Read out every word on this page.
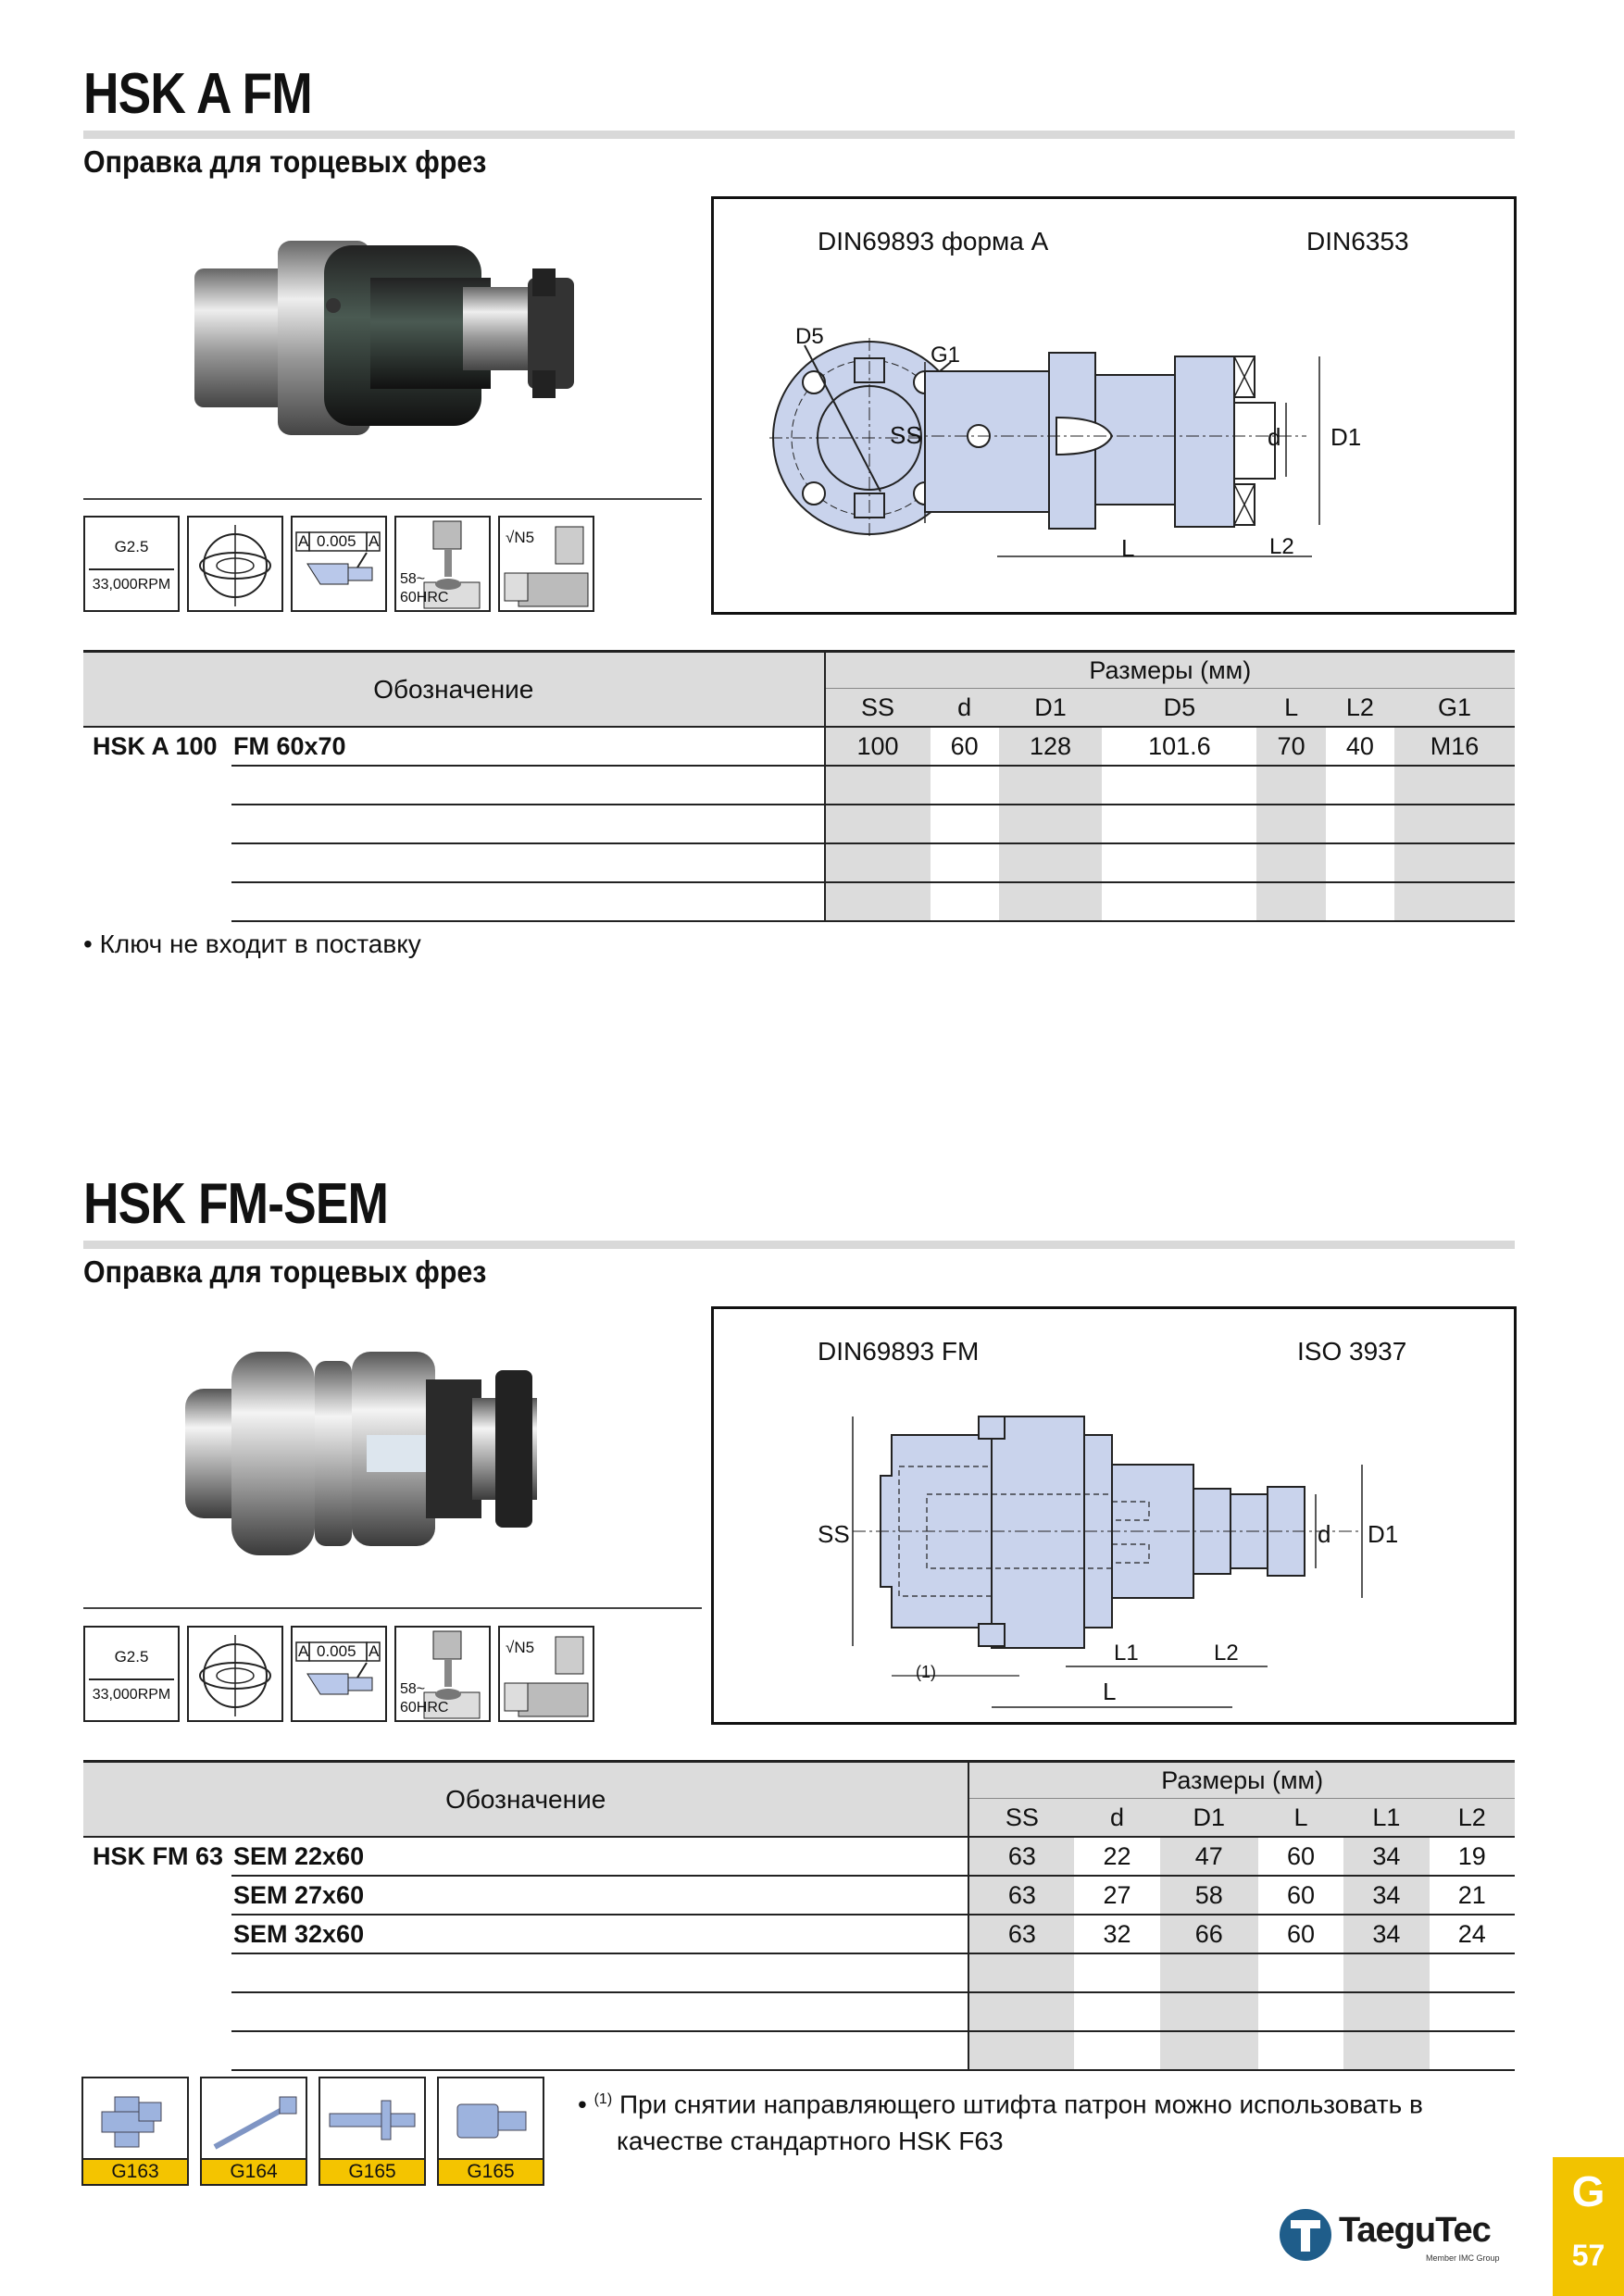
HSK A FM
Оправка для торцевых фрез
G2.5
33,000RPM
A 0.005 A
58~
60HRC
√N5
DIN69893 форма A	DIN6353
D5
G1
SS	d D1
L	L2
Обозначение		Размеры (мм)						
		SS	d	D1	D5	L	L2	G1
HSK A 100	FM 60x70	100	60	128	101.6	70	40	M16

• Ключ не входит в поставку
HSK FM-SEM
Оправка для торцевых фрез
G2.5
33,000RPM
A 0.005 A
58~
60HRC
√N5
DIN69893 FM	ISO 3937
SS	d D1
L1	L2
L
(1)
Обозначение		Размеры (мм)					
		SS	d	D1	L	L1	L2
HSK FM 63	SEM 22x60	63	22	47	60	34	19
	SEM 27x60	63	27	58	60	34	21
	SEM 32x60	63	32	66	60	34	24

G163	G164	G165	G165
• $^{(1)}$ При снятии направляющего штифта патрон можно использовать в
качестве стандартного HSK F63
TaeguTec
Member IMC Group
G
57
